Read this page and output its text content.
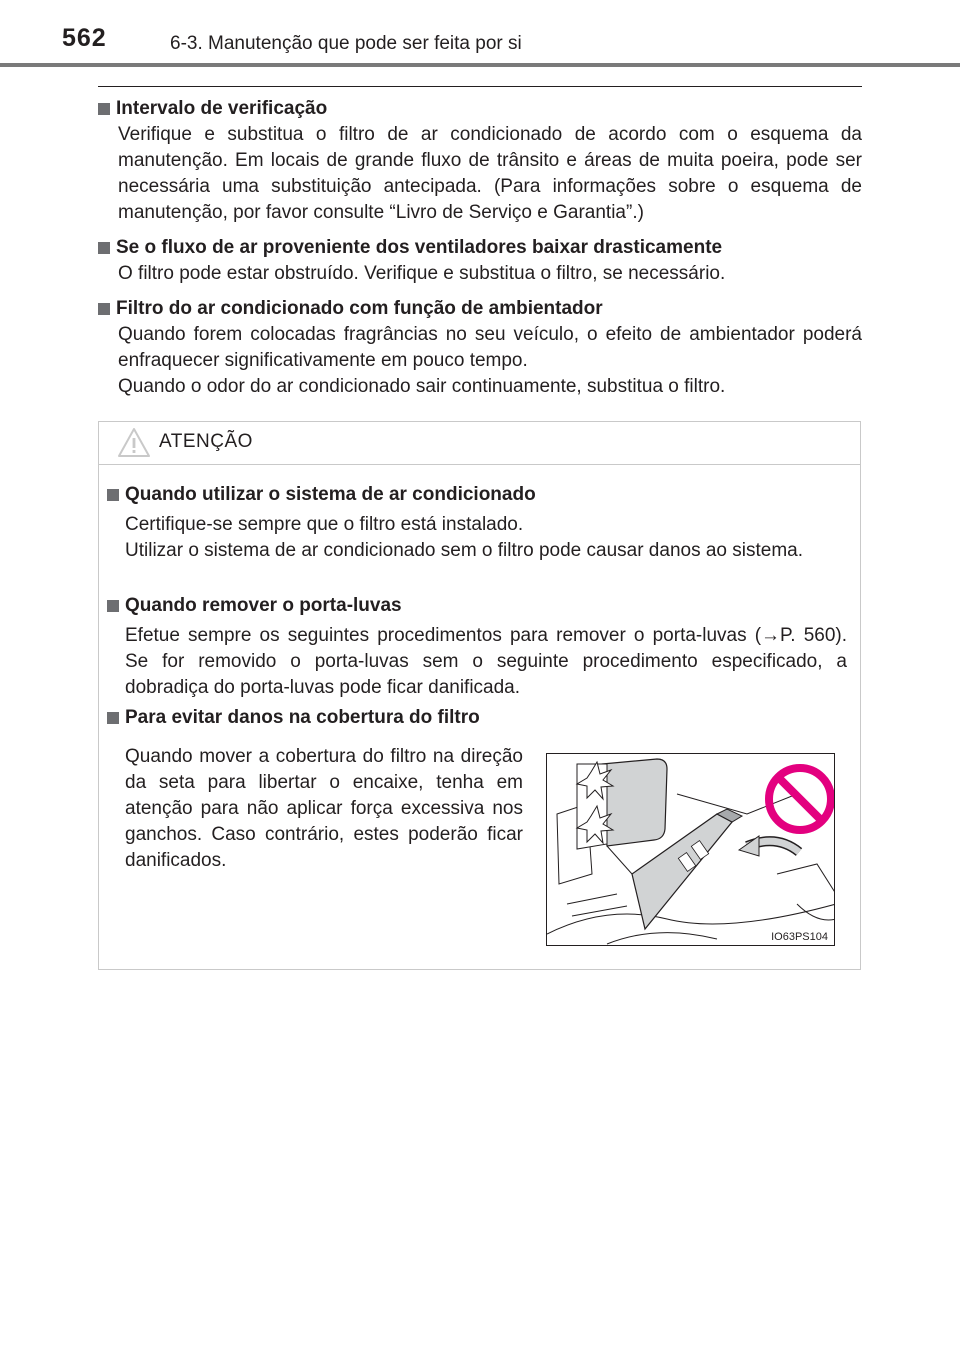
562	6-3. Manutenção que pode ser feita por si
Intervalo de verificação

Verifique e substitua o filtro de ar condicionado de acordo com o esquema da manutenção. Em locais de grande fluxo de trânsito e áreas de muita poeira, pode ser necessária uma substituição antecipada. (Para informações sobre o esquema de manutenção, por favor consulte “Livro de Serviço e Garantia”.)

Se o fluxo de ar proveniente dos ventiladores baixar drasticamente

O filtro pode estar obstruído. Verifique e substitua o filtro, se necessário.

Filtro do ar condicionado com função de ambientador

Quando forem colocadas fragrâncias no seu veículo, o efeito de ambientador poderá enfraquecer significativamente em pouco tempo.

Quando o odor do ar condicionado sair continuamente, substitua o filtro.

ATENÇÃO
Quando utilizar o sistema de ar condicionado

Certifique-se sempre que o filtro está instalado.

Utilizar o sistema de ar condicionado sem o filtro pode causar danos ao sistema.

Quando remover o porta-luvas

Efetue sempre os seguintes procedimentos para remover o porta-luvas (→P. 560). Se for removido o porta-luvas sem o seguinte procedimento especificado, a dobradiça do porta-luvas pode ficar danificada.

Para evitar danos na cobertura do filtro

Quando mover a cobertura do filtro na direção da seta para libertar o encaixe, tenha em atenção para não aplicar força excessiva nos ganchos. Caso contrário, estes poderão ficar danificados.

IO63PS104
